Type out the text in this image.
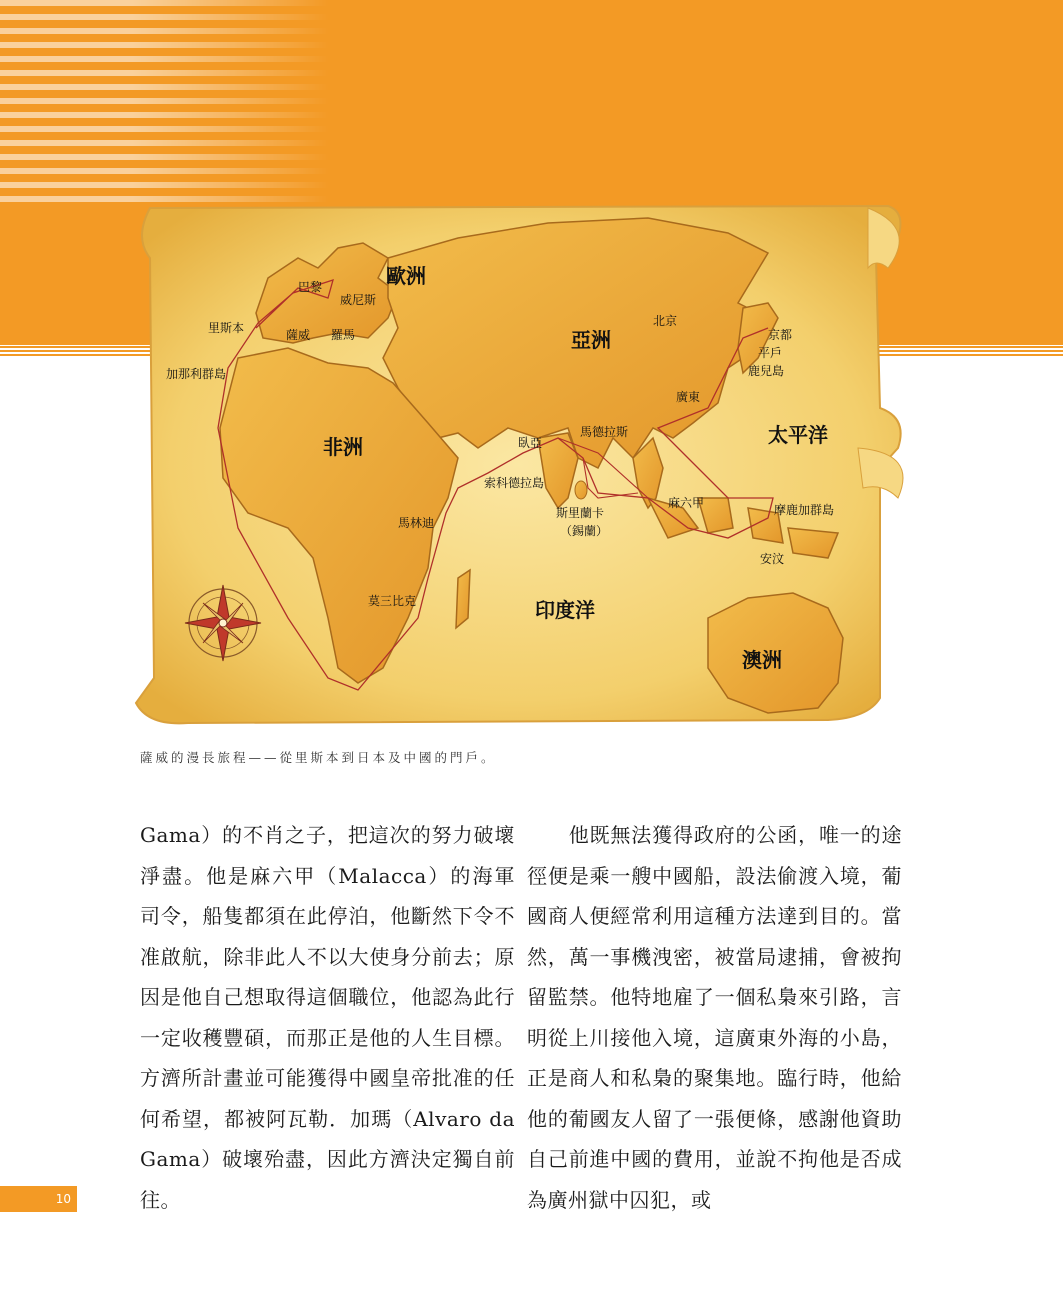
歐洲
亞洲
非洲	太平洋
印度洋
澳洲
巴黎
威尼斯
里斯本	薩威 羅馬
加那利群島
北京
京都
平戶
鹿兒島
廣東
臥亞
馬德拉斯
索科德拉島
斯里蘭卡
（錫蘭）
麻六甲	摩鹿加群島
安汶
馬林迪
莫三比克
薩威的漫長旅程——從里斯本到日本及中國的門戶。

Gama）的不肖之子，把這次的努力破壞淨盡。他是麻六甲（Malacca）的海軍司令，船隻都須在此停泊，他斷然下令不准啟航，除非此人不以大使身分前去；原因是他自己想取得這個職位，他認為此行一定收穫豐碩，而那正是他的人生目標。方濟所計畫並可能獲得中國皇帝批准的任何希望，都被阿瓦勒．加瑪（Alvaro da Gama）破壞殆盡，因此方濟決定獨自前往。

　　他既無法獲得政府的公函，唯一的途徑便是乘一艘中國船，設法偷渡入境，葡國商人便經常利用這種方法達到目的。當然，萬一事機洩密，被當局逮捕，會被拘留監禁。他特地雇了一個私梟來引路，言明從上川接他入境，這廣東外海的小島，正是商人和私梟的聚集地。臨行時，他給他的葡國友人留了一張便條，感謝他資助自己前進中國的費用，並說不拘他是否成為廣州獄中囚犯，或

10
